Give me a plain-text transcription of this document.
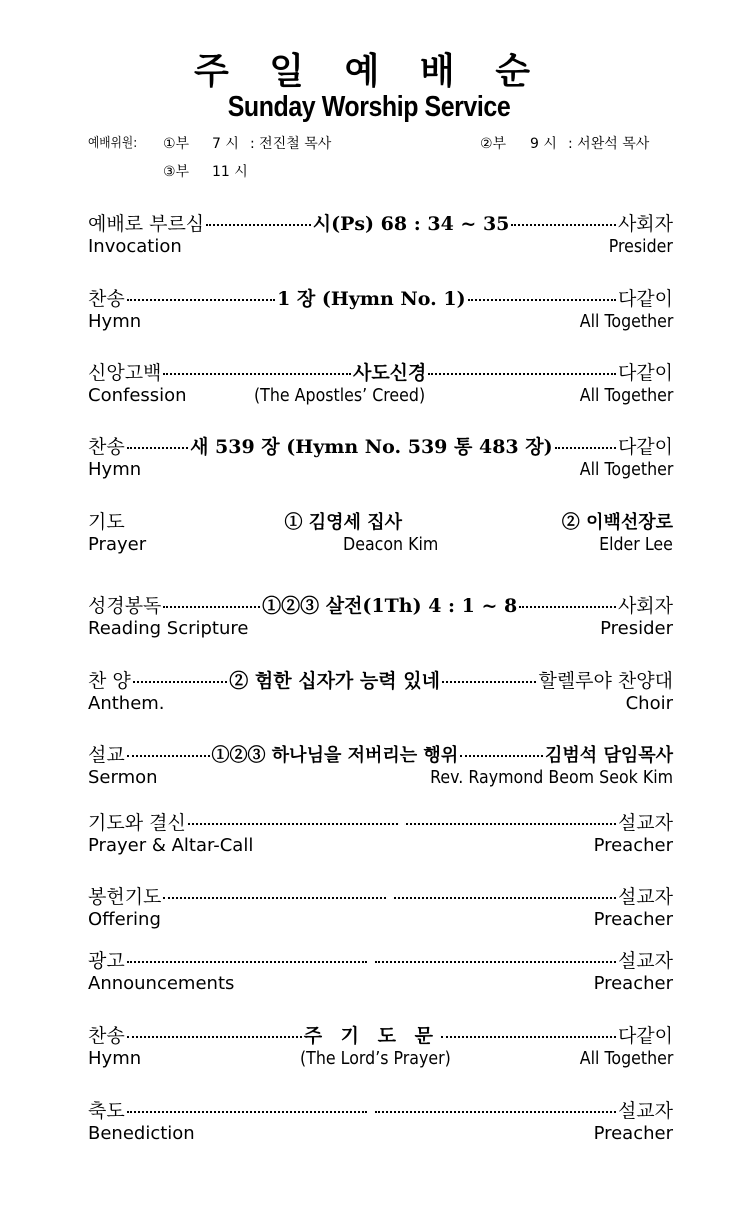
주 일 예 배 순
Sunday Worship Service
예배위원: ①부 7 시 : 전진철 목사	②부 9 시 : 서완석 목사
③부 11 시
예배로 부르심	시(Ps) 68 : 34 ~ 35	사회자
Invocation	Presider
찬송	1 장 (Hymn No. 1)	다같이
Hymn	All Together
신앙고백	사도신경	다같이
Confession	(The Apostles’ Creed)	All Together
찬송	새 539 장 (Hymn No. 539 통 483 장)	다같이
Hymn	All Together
기도	① 김영세 집사	② 이백선장로
Prayer	Deacon Kim	Elder Lee
성경봉독	①②③ 살전(1Th) 4 : 1 ~ 8	사회자
Reading Scripture	Presider
찬 양	② 험한 십자가 능력 있네	할렐루야 찬양대
Anthem.	Choir
설교	①②③ 하나님을 저버리는 행위	김범석 담임목사
Sermon	Rev. Raymond Beom Seok Kim
기도와 결신	설교자
Prayer & Altar-Call	Preacher
봉헌기도	설교자
Offering	Preacher
광고	설교자
Announcements	Preacher
찬송	주 기 도 문	다같이
Hymn	(The Lord’s Prayer)	All Together
축도	설교자
Benediction	Preacher
